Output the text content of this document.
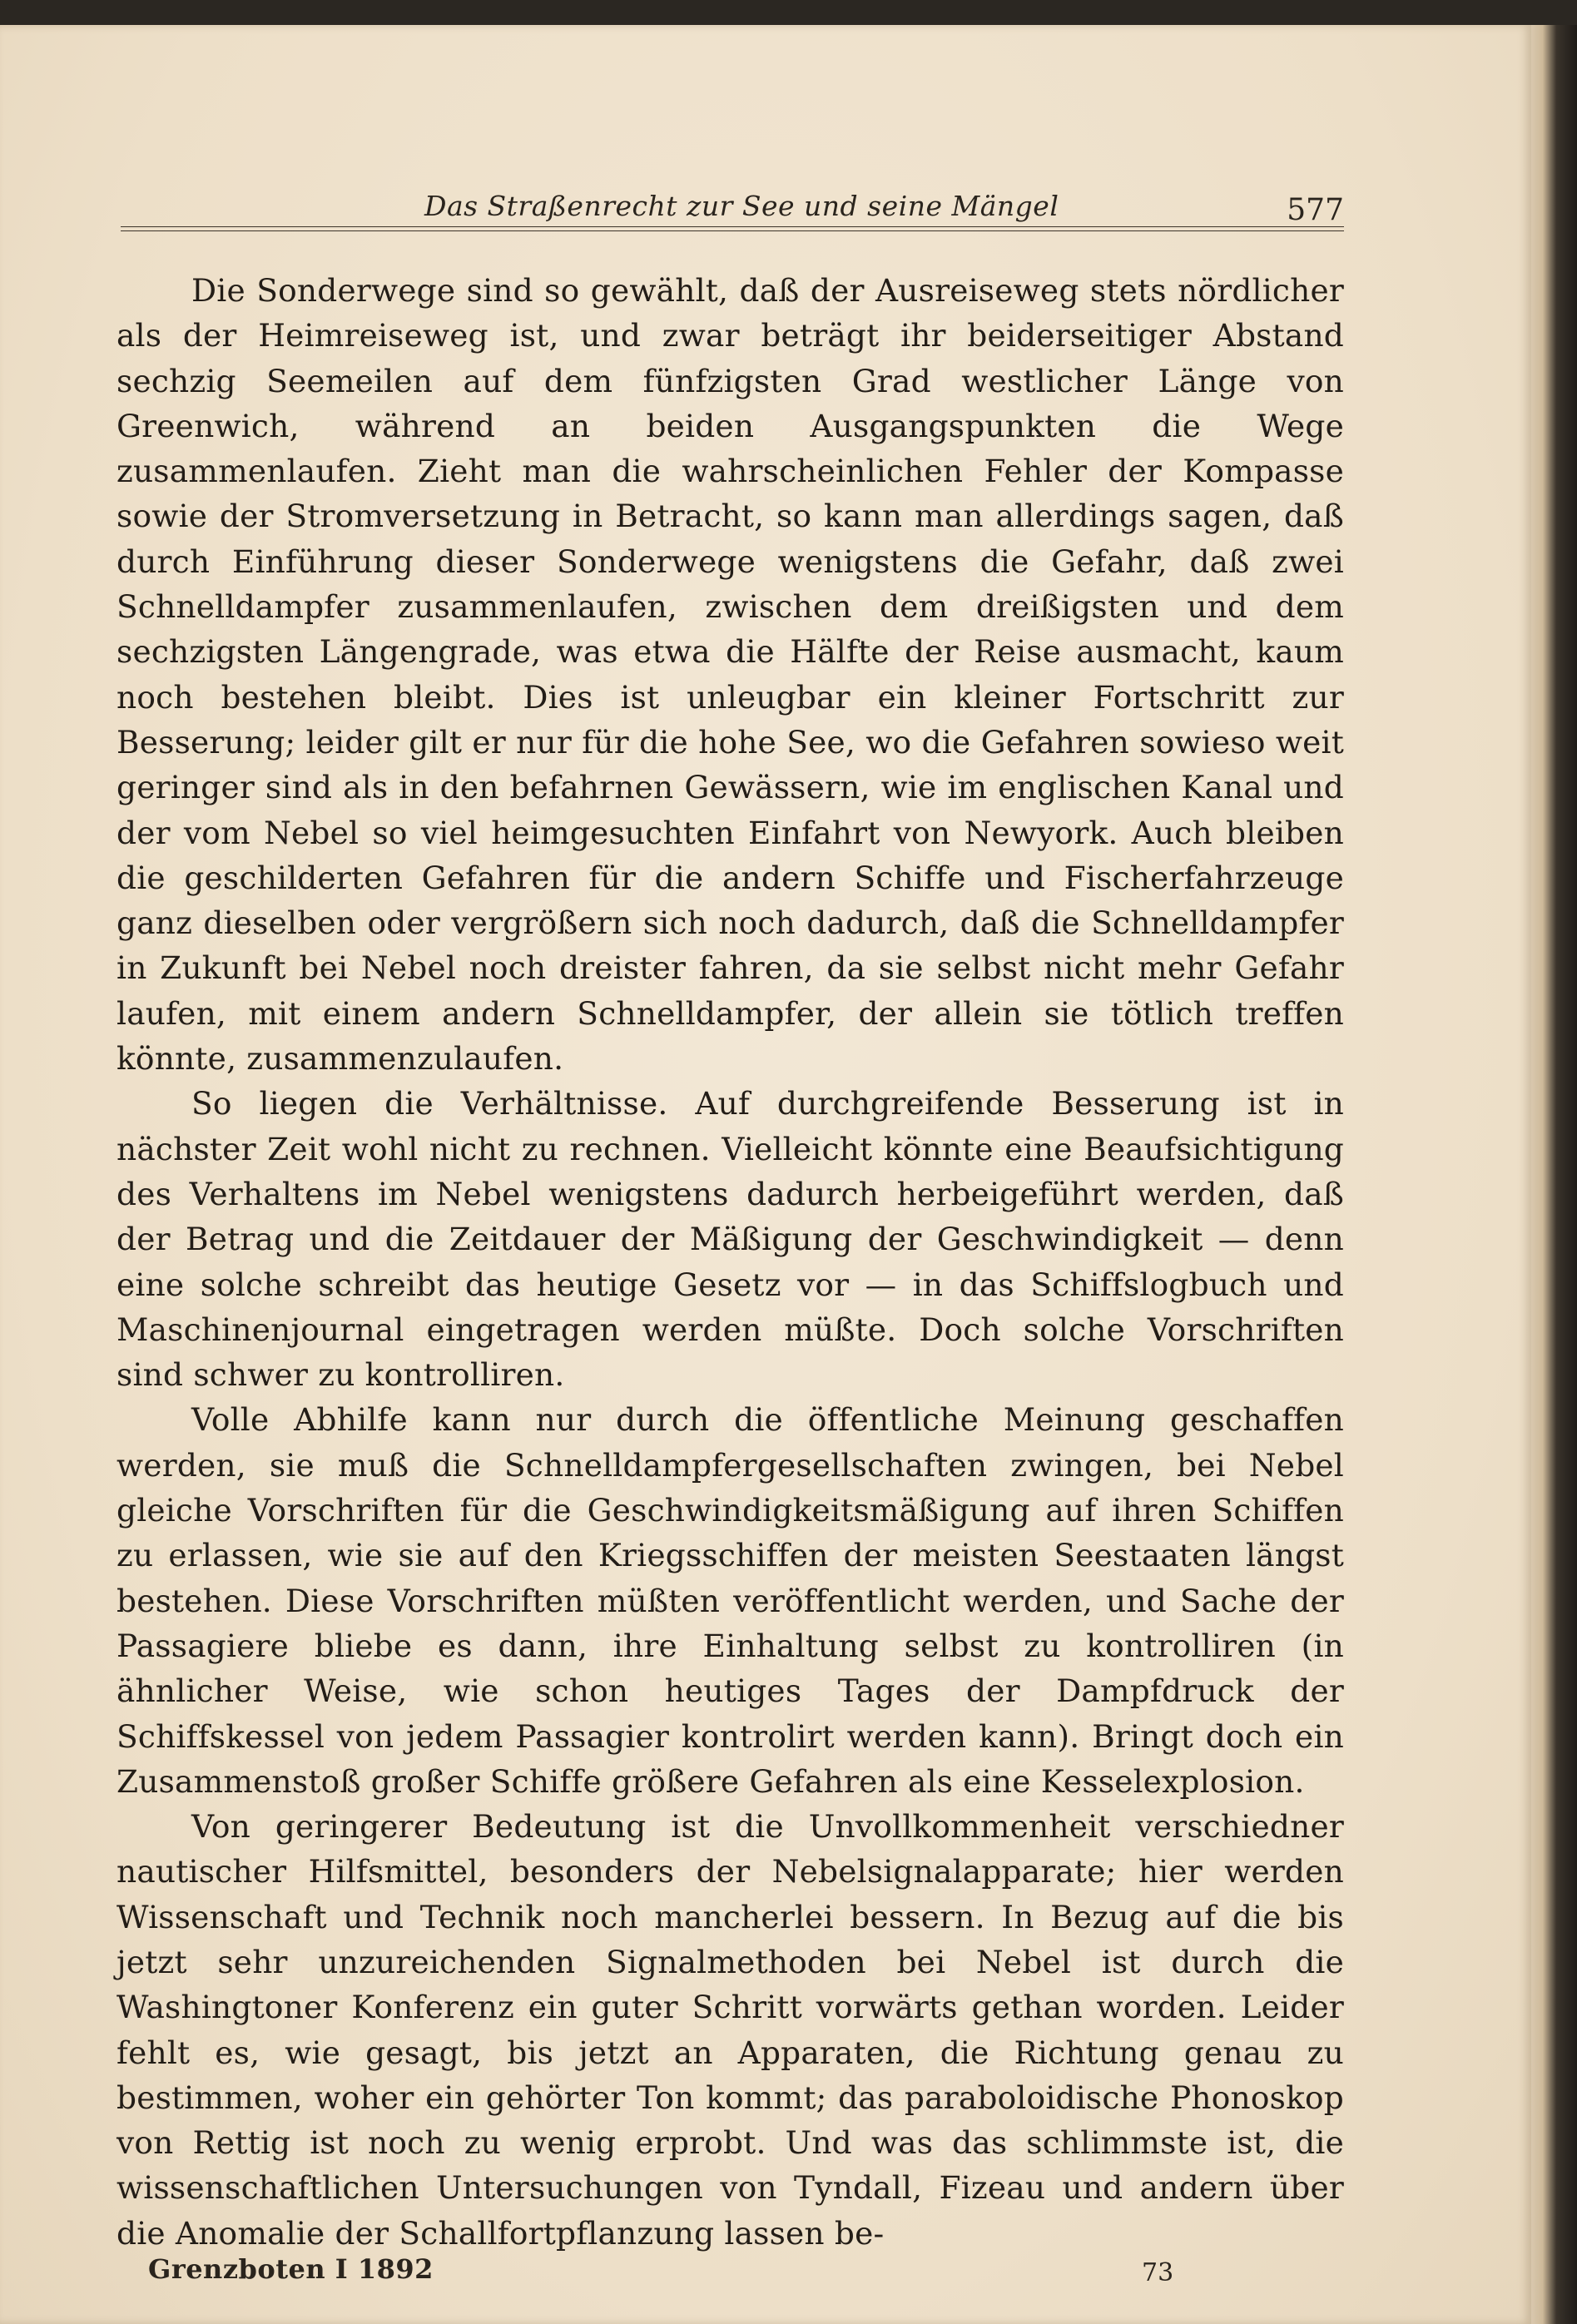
Das Straßenrecht zur See und seine Mängel	577

Die Sonderwege sind so gewählt, daß der Ausreiseweg stets nördlicher als der Heimreiseweg ist, und zwar beträgt ihr beiderseitiger Abstand sechzig Seemeilen auf dem fünfzigsten Grad westlicher Länge von Greenwich, während an beiden Ausgangspunkten die Wege zusammenlaufen. Zieht man die wahrscheinlichen Fehler der Kompasse sowie der Stromversetzung in Betracht, so kann man allerdings sagen, daß durch Einführung dieser Sonderwege wenigstens die Gefahr, daß zwei Schnelldampfer zusammenlaufen, zwischen dem dreißigsten und dem sechzigsten Längengrade, was etwa die Hälfte der Reise ausmacht, kaum noch bestehen bleibt. Dies ist unleugbar ein kleiner Fortschritt zur Besserung; leider gilt er nur für die hohe See, wo die Gefahren sowieso weit geringer sind als in den befahrnen Gewässern, wie im englischen Kanal und der vom Nebel so viel heimgesuchten Einfahrt von Newyork. Auch bleiben die geschilderten Gefahren für die andern Schiffe und Fischerfahrzeuge ganz dieselben oder vergrößern sich noch dadurch, daß die Schnelldampfer in Zukunft bei Nebel noch dreister fahren, da sie selbst nicht mehr Gefahr laufen, mit einem andern Schnelldampfer, der allein sie tötlich treffen könnte, zusammenzulaufen.

So liegen die Verhältnisse. Auf durchgreifende Besserung ist in nächster Zeit wohl nicht zu rechnen. Vielleicht könnte eine Beaufsichtigung des Verhaltens im Nebel wenigstens dadurch herbeigeführt werden, daß der Betrag und die Zeitdauer der Mäßigung der Geschwindigkeit — denn eine solche schreibt das heutige Gesetz vor — in das Schiffslogbuch und Maschinenjournal eingetragen werden müßte. Doch solche Vorschriften sind schwer zu kontrolliren.

Volle Abhilfe kann nur durch die öffentliche Meinung geschaffen werden, sie muß die Schnelldampfergesellschaften zwingen, bei Nebel gleiche Vorschriften für die Geschwindigkeitsmäßigung auf ihren Schiffen zu erlassen, wie sie auf den Kriegsschiffen der meisten Seestaaten längst bestehen. Diese Vorschriften müßten veröffentlicht werden, und Sache der Passagiere bliebe es dann, ihre Einhaltung selbst zu kontrolliren (in ähnlicher Weise, wie schon heutiges Tages der Dampfdruck der Schiffskessel von jedem Passagier kontrolirt werden kann). Bringt doch ein Zusammenstoß großer Schiffe größere Gefahren als eine Kesselexplosion.

Von geringerer Bedeutung ist die Unvollkommenheit verschiedner nautischer Hilfsmittel, besonders der Nebelsignalapparate; hier werden Wissenschaft und Technik noch mancherlei bessern. In Bezug auf die bis jetzt sehr unzureichenden Signalmethoden bei Nebel ist durch die Washingtoner Konferenz ein guter Schritt vorwärts gethan worden. Leider fehlt es, wie gesagt, bis jetzt an Apparaten, die Richtung genau zu bestimmen, woher ein gehörter Ton kommt; das paraboloidische Phonoskop von Rettig ist noch zu wenig erprobt. Und was das schlimmste ist, die wissenschaftlichen Untersuchungen von Tyndall, Fizeau und andern über die Anomalie der Schallfortpflanzung lassen be-

Grenzboten I 1892	73
